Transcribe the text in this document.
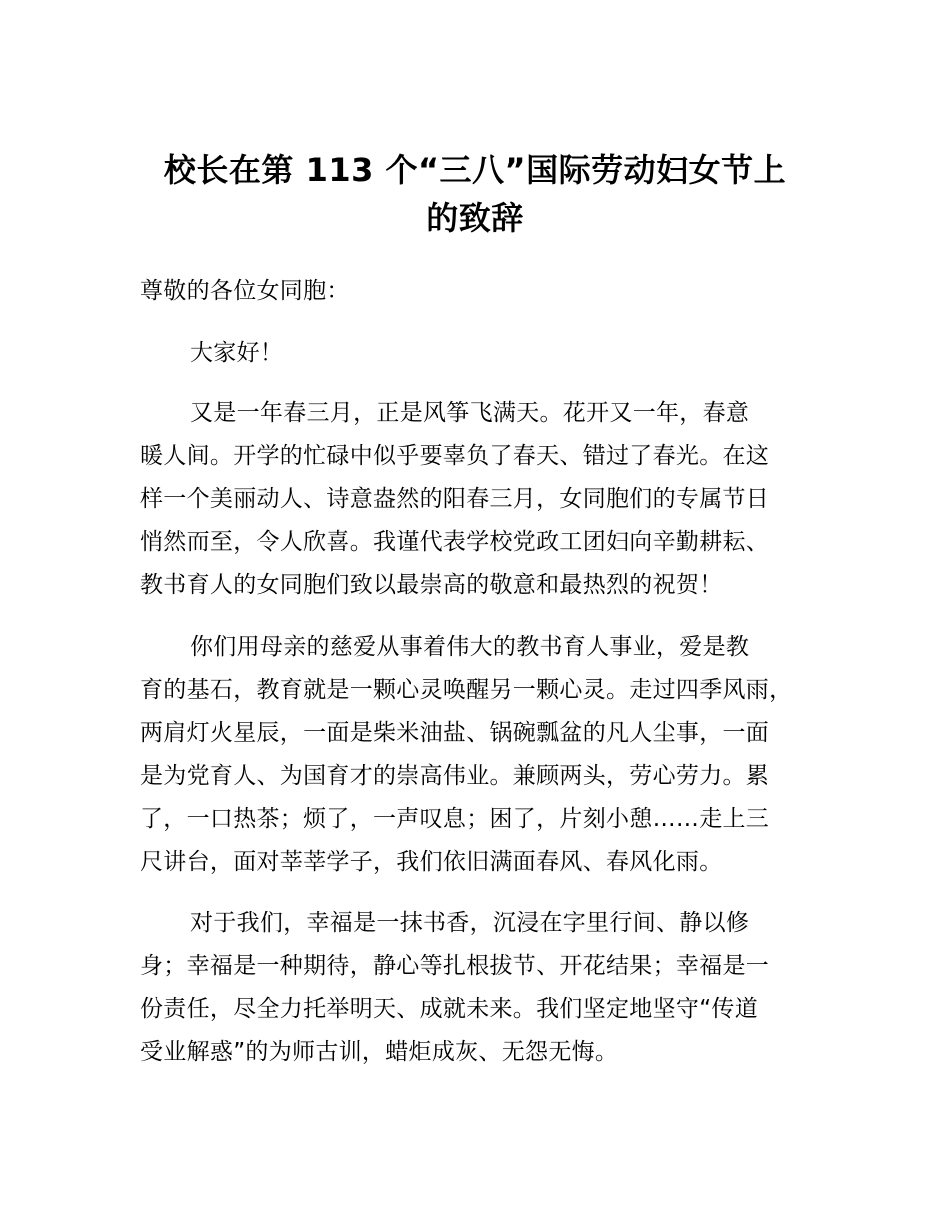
校长在第 113 个“三八”国际劳动妇女节上
的致辞
尊敬的各位女同胞：
大家好！
又是一年春三月，正是风筝飞满天。花开又一年，春意
暖人间。开学的忙碌中似乎要辜负了春天、错过了春光。在这
样一个美丽动人、诗意盎然的阳春三月，女同胞们的专属节日
悄然而至，令人欣喜。我谨代表学校党政工团妇向辛勤耕耘、
教书育人的女同胞们致以最崇高的敬意和最热烈的祝贺！
你们用母亲的慈爱从事着伟大的教书育人事业，爱是教
育的基石，教育就是一颗心灵唤醒另一颗心灵。走过四季风雨，
两肩灯火星辰，一面是柴米油盐、锅碗瓢盆的凡人尘事，一面
是为党育人、为国育才的崇高伟业。兼顾两头，劳心劳力。累
了，一口热茶；烦了，一声叹息；困了，片刻小憩……走上三
尺讲台，面对莘莘学子，我们依旧满面春风、春风化雨。
对于我们，幸福是一抹书香，沉浸在字里行间、静以修
身；幸福是一种期待，静心等扎根拔节、开花结果；幸福是一
份责任，尽全力托举明天、成就未来。我们坚定地坚守“传道
受业解惑”的为师古训，蜡炬成灰、无怨无悔。
